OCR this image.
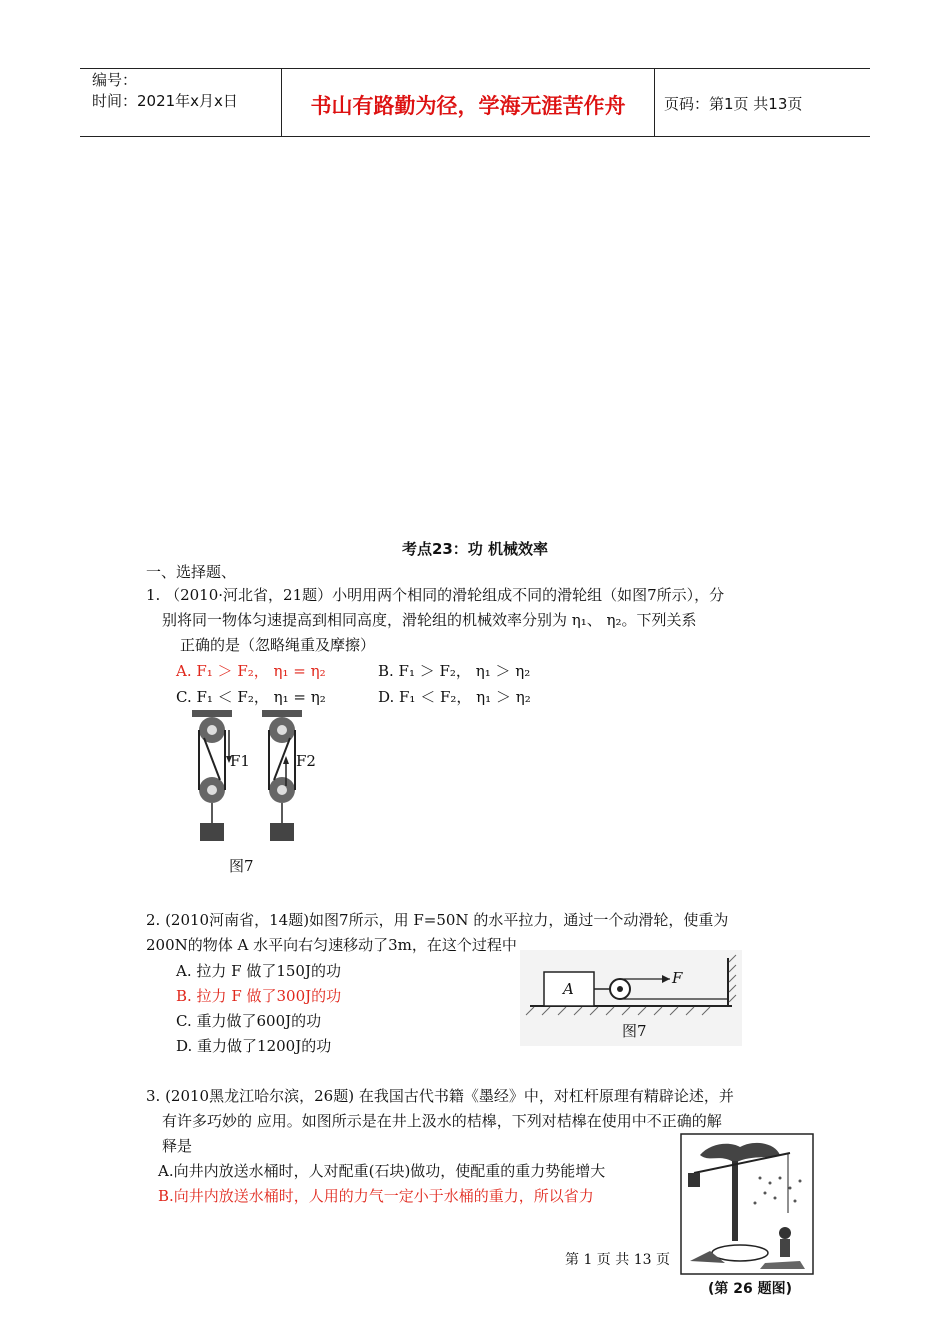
编号：
时间：2021年x月x日	书山有路勤为径，学海无涯苦作舟	页码：第1页 共13页
考点23：功 机械效率
一、选择题、
1. （2010·河北省，21题）小明用两个相同的滑轮组成不同的滑轮组（如图7所示），分
别将同一物体匀速提高到相同高度，滑轮组的机械效率分别为 η₁、 η₂。下列关系
正确的是（忽略绳重及摩擦）
A. F₁ ＞ F₂， η₁ = η₂	B. F₁ ＞ F₂， η₁ ＞ η₂
C. F₁ ＜ F₂， η₁ = η₂	D. F₁ ＜ F₂， η₁ ＞ η₂
F1	F2
图7
2. (2010河南省，14题)如图7所示，用 F=50N 的水平拉力，通过一个动滑轮，使重为
200N的物体 A 水平向右匀速移动了3m，在这个过程中
A. 拉力 F 做了150J的功
B. 拉力 F 做了300J的功
C. 重力做了600J的功
D. 重力做了1200J的功
A
F
图7
3. (2010黑龙江哈尔滨，26题) 在我国古代书籍《墨经》中，对杠杆原理有精辟论述，并
有许多巧妙的 应用。如图所示是在井上汲水的桔槔，下列对桔槔在使用中不正确的解
释是
A.向井内放送水桶时，人对配重(石块)做功，使配重的重力势能增大
B.向井内放送水桶时，人用的力气一定小于水桶的重力，所以省力
(第 26 题图)
第 1 页 共 13 页
